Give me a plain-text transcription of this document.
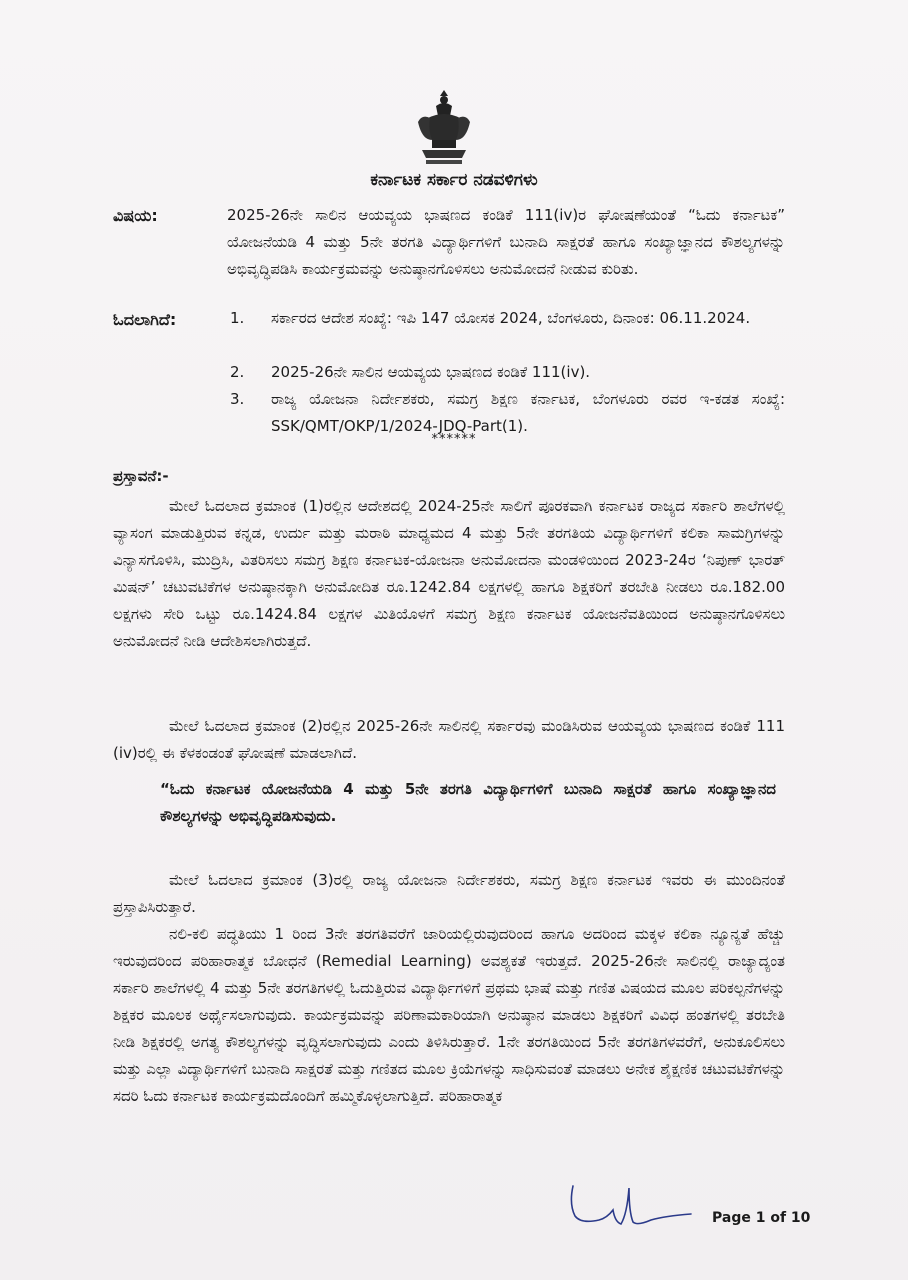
ಕರ್ನಾಟಕ ಸರ್ಕಾರ ನಡವಳಿಗಳು
ವಿಷಯ:	2025-26ನೇ ಸಾಲಿನ ಆಯವ್ಯಯ ಭಾಷಣದ ಕಂಡಿಕೆ 111(iv)ರ ಘೋಷಣೆಯಂತೆ “ಓದು ಕರ್ನಾಟಕ” ಯೋಜನೆಯಡಿ 4 ಮತ್ತು 5ನೇ ತರಗತಿ ವಿದ್ಯಾರ್ಥಿಗಳಿಗೆ ಬುನಾದಿ ಸಾಕ್ಷರತೆ ಹಾಗೂ ಸಂಖ್ಯಾಜ್ಞಾನದ ಕೌಶಲ್ಯಗಳನ್ನು ಅಭಿವೃದ್ಧಿಪಡಿಸಿ ಕಾರ್ಯಕ್ರಮವನ್ನು ಅನುಷ್ಠಾನಗೊಳಿಸಲು ಅನುಮೋದನೆ ನೀಡುವ ಕುರಿತು.
ಓದಲಾಗಿದೆ:	1. ಸರ್ಕಾರದ ಆದೇಶ ಸಂಖ್ಯೆ: ಇಪಿ 147 ಯೋಸಕ 2024, ಬೆಂಗಳೂರು, ದಿನಾಂಕ: 06.11.2024.
2. 2025-26ನೇ ಸಾಲಿನ ಆಯವ್ಯಯ ಭಾಷಣದ ಕಂಡಿಕೆ 111(iv).
3. ರಾಜ್ಯ ಯೋಜನಾ ನಿರ್ದೇಶಕರು, ಸಮಗ್ರ ಶಿಕ್ಷಣ ಕರ್ನಾಟಕ, ಬೆಂಗಳೂರು ರವರ ಇ-ಕಡತ ಸಂಖ್ಯೆ: SSK/QMT/OKP/1/2024-JDQ-Part(1).
******
ಪ್ರಸ್ತಾವನೆ:-
ಮೇಲೆ ಓದಲಾದ ಕ್ರಮಾಂಕ (1)ರಲ್ಲಿನ ಆದೇಶದಲ್ಲಿ 2024-25ನೇ ಸಾಲಿಗೆ ಪೂರಕವಾಗಿ ಕರ್ನಾಟಕ ರಾಜ್ಯದ ಸರ್ಕಾರಿ ಶಾಲೆಗಳಲ್ಲಿ ವ್ಯಾಸಂಗ ಮಾಡುತ್ತಿರುವ ಕನ್ನಡ, ಉರ್ದು ಮತ್ತು ಮರಾಠಿ ಮಾಧ್ಯಮದ 4 ಮತ್ತು 5ನೇ ತರಗತಿಯ ವಿದ್ಯಾರ್ಥಿಗಳಿಗೆ ಕಲಿಕಾ ಸಾಮಗ್ರಿಗಳನ್ನು ವಿನ್ಯಾಸಗೊಳಿಸಿ, ಮುದ್ರಿಸಿ, ವಿತರಿಸಲು ಸಮಗ್ರ ಶಿಕ್ಷಣ ಕರ್ನಾಟಕ-ಯೋಜನಾ ಅನುಮೋದನಾ ಮಂಡಳಿಯಿಂದ 2023-24ರ ‘ನಿಪುಣ್ ಭಾರತ್ ಮಿಷನ್’ ಚಟುವಟಿಕೆಗಳ ಅನುಷ್ಠಾನಕ್ಕಾಗಿ ಅನುಮೋದಿತ ರೂ.1242.84 ಲಕ್ಷಗಳಲ್ಲಿ ಹಾಗೂ ಶಿಕ್ಷಕರಿಗೆ ತರಬೇತಿ ನೀಡಲು ರೂ.182.00 ಲಕ್ಷಗಳು ಸೇರಿ ಒಟ್ಟು ರೂ.1424.84 ಲಕ್ಷಗಳ ಮಿತಿಯೊಳಗೆ ಸಮಗ್ರ ಶಿಕ್ಷಣ ಕರ್ನಾಟಕ ಯೋಜನೆವತಿಯಿಂದ ಅನುಷ್ಠಾನಗೊಳಿಸಲು ಅನುಮೋದನೆ ನೀಡಿ ಆದೇಶಿಸಲಾಗಿರುತ್ತದೆ.
ಮೇಲೆ ಓದಲಾದ ಕ್ರಮಾಂಕ (2)ರಲ್ಲಿನ 2025-26ನೇ ಸಾಲಿನಲ್ಲಿ ಸರ್ಕಾರವು ಮಂಡಿಸಿರುವ ಆಯವ್ಯಯ ಭಾಷಣದ ಕಂಡಿಕೆ 111 (iv)ರಲ್ಲಿ ಈ ಕೆಳಕಂಡಂತೆ ಘೋಷಣೆ ಮಾಡಲಾಗಿದೆ.
“ಓದು ಕರ್ನಾಟಕ ಯೋಜನೆಯಡಿ 4 ಮತ್ತು 5ನೇ ತರಗತಿ ವಿದ್ಯಾರ್ಥಿಗಳಿಗೆ ಬುನಾದಿ ಸಾಕ್ಷರತೆ ಹಾಗೂ ಸಂಖ್ಯಾಜ್ಞಾನದ ಕೌಶಲ್ಯಗಳನ್ನು ಅಭಿವೃದ್ಧಿಪಡಿಸುವುದು.
ಮೇಲೆ ಓದಲಾದ ಕ್ರಮಾಂಕ (3)ರಲ್ಲಿ ರಾಜ್ಯ ಯೋಜನಾ ನಿರ್ದೇಶಕರು, ಸಮಗ್ರ ಶಿಕ್ಷಣ ಕರ್ನಾಟಕ ಇವರು ಈ ಮುಂದಿನಂತೆ ಪ್ರಸ್ತಾಪಿಸಿರುತ್ತಾರೆ.
ನಲಿ-ಕಲಿ ಪದ್ಧತಿಯು 1 ರಿಂದ 3ನೇ ತರಗತಿವರೆಗೆ ಜಾರಿಯಲ್ಲಿರುವುದರಿಂದ ಹಾಗೂ ಅದರಿಂದ ಮಕ್ಕಳ ಕಲಿಕಾ ನ್ಯೂನ್ಯತೆ ಹೆಚ್ಚು ಇರುವುದರಿಂದ ಪರಿಹಾರಾತ್ಮಕ ಬೋಧನೆ (Remedial Learning) ಅವಶ್ಯಕತೆ ಇರುತ್ತದೆ. 2025-26ನೇ ಸಾಲಿನಲ್ಲಿ ರಾಜ್ಯಾದ್ಯಂತ ಸರ್ಕಾರಿ ಶಾಲೆಗಳಲ್ಲಿ 4 ಮತ್ತು 5ನೇ ತರಗತಿಗಳಲ್ಲಿ ಓದುತ್ತಿರುವ ವಿದ್ಯಾರ್ಥಿಗಳಿಗೆ ಪ್ರಥಮ ಭಾಷೆ ಮತ್ತು ಗಣಿತ ವಿಷಯದ ಮೂಲ ಪರಿಕಲ್ಪನೆಗಳನ್ನು ಶಿಕ್ಷಕರ ಮೂಲಕ ಅರ್ಥೈಸಲಾಗುವುದು. ಕಾರ್ಯಕ್ರಮವನ್ನು ಪರಿಣಾಮಕಾರಿಯಾಗಿ ಅನುಷ್ಠಾನ ಮಾಡಲು ಶಿಕ್ಷಕರಿಗೆ ವಿವಿಧ ಹಂತಗಳಲ್ಲಿ ತರಬೇತಿ ನೀಡಿ ಶಿಕ್ಷಕರಲ್ಲಿ ಅಗತ್ಯ ಕೌಶಲ್ಯಗಳನ್ನು ವೃದ್ಧಿಸಲಾಗುವುದು ಎಂದು ತಿಳಿಸಿರುತ್ತಾರೆ. 1ನೇ ತರಗತಿಯಿಂದ 5ನೇ ತರಗತಿಗಳವರೆಗೆ, ಅನುಕೂಲಿಸಲು ಮತ್ತು ಎಲ್ಲಾ ವಿದ್ಯಾರ್ಥಿಗಳಿಗೆ ಬುನಾದಿ ಸಾಕ್ಷರತೆ ಮತ್ತು ಗಣಿತದ ಮೂಲ ಕ್ರಿಯೆಗಳನ್ನು ಸಾಧಿಸುವಂತೆ ಮಾಡಲು ಅನೇಕ ಶೈಕ್ಷಣಿಕ ಚಟುವಟಿಕೆಗಳನ್ನು ಸದರಿ ಓದು ಕರ್ನಾಟಕ ಕಾರ್ಯಕ್ರಮದೊಂದಿಗೆ ಹಮ್ಮಿಕೊಳ್ಳಲಾಗುತ್ತಿದೆ. ಪರಿಹಾರಾತ್ಮಕ
Page 1 of 10
